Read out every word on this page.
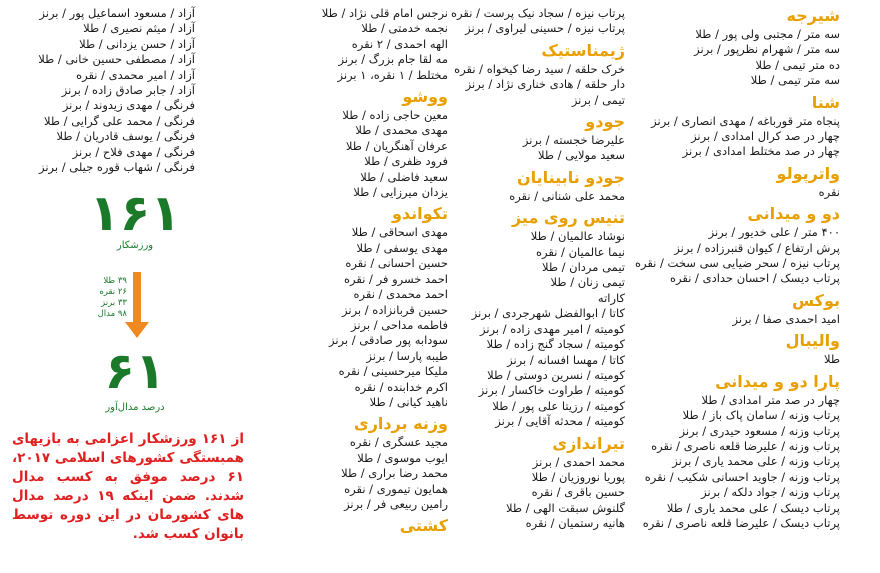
شیرجه
سه متر / مجتبی ولی پور / طلا
سه متر / شهرام نظرپور / برنز
ده متر تیمی / طلا
سه متر تیمی / طلا
شنا
پنجاه متر قورباغه / مهدی انصاری / برنز
چهار در صد کرال امدادی / برنز
چهار در صد مختلط امدادی / برنز
واترپولو
نقره
دو و میدانی
۴۰۰ متر / علی خدیور / برنز
پرش ارتفاع / کیوان قنبرزاده / برنز
پرتاب نیزه / سحر ضیایی سی سخت / نقره
پرتاب دیسک / احسان حدادی / نقره
بوکس
امید احمدی صفا / برنز
والیبال
طلا
پارا دو و میدانی
چهار در صد متر امدادی / طلا
پرتاب وزنه / سامان پاک باز / طلا
پرتاب وزنه / مسعود حیدری / برنز
پرتاب وزنه / علیرضا قلعه ناصری / نقره
پرتاب وزنه / علی محمد یاری / برنز
پرتاب وزنه / جاوید احسانی شکیب / نقره
پرتاب وزنه / جواد دلکه / برنز
پرتاب دیسک / علی محمد یاری / طلا
پرتاب دیسک / علیرضا قلعه ناصری / نقره
پرتاب نیزه / سجاد نیک پرست / نقره
پرتاب نیزه / حسینی لیراوی / برنز
ژیمناستیک
خرک حلقه / سید رضا کیخواه / نقره
دار حلقه / هادی خناری نژاد / برنز
تیمی / برنز
جودو
علیرضا خجسته / برنز
سعید مولایی / طلا
جودو نابینایان
محمد علی شنانی / نقره
تنیس روی میز
نوشاد عالمیان / طلا
نیما عالمیان / نقره
تیمی مردان / طلا
تیمی زنان / طلا
کاراته
کاتا / ابوالفضل شهرجردی / برنز
کومیته / امیر مهدی زاده / برنز
کومیته / سجاد گنج زاده / طلا
کاتا / مهسا افسانه / برنز
کومیته / نسرین دوستی / طلا
کومیته / طراوت خاکسار / برنز
کومیته / رزیتا علی پور / طلا
کومیته / محدثه آقایی / برنز
تیراندازی
محمد احمدی / برنز
پوریا نوروزیان / طلا
حسین باقری / نقره
گلنوش سبقت الهی / طلا
هانیه رستمیان / نقره
نرجس امام قلی نژاد / طلا
نجمه خدمتی / طلا
الهه احمدی / ۲ نقره
مه لقا جام بزرگ / برنز
مختلط / ۱ نقره، ۱ برنز
ووشو
معین حاجی زاده / طلا
مهدی محمدی / طلا
عرفان آهنگریان / طلا
فرود ظفری / طلا
سعید فاضلی / طلا
یزدان میرزایی / طلا
تکواندو
مهدی اسحاقی / طلا
مهدی یوسفی / طلا
حسین احسانی / نقره
احمد خسرو فر / نقره
احمد محمدی / نقره
حسین قربانزاده / برنز
فاطمه مداحی / برنز
سودابه پور صادقی / برنز
طیبه پارسا / برنز
ملیکا میرحسینی / نقره
اکرم خدابنده / نقره
ناهید کیانی / طلا
وزنه برداری
مجید عسگری / نقره
ایوب موسوی / طلا
محمد رضا براری / طلا
همایون تیموری / نقره
رامین ربیعی فر / برنز
کشتی
آزاد / مسعود اسماعیل پور / برنز
آزاد / میثم نصیری / طلا
آزاد / حسن یزدانی / طلا
آزاد / مصطفی حسین خانی / طلا
آزاد / امیر محمدی / نقره
آزاد / جابر صادق زاده / برنز
فرنگی / مهدی زیدوند / برنز
فرنگی / محمد علی گرایی / طلا
فرنگی / یوسف قادریان / طلا
فرنگی / مهدی فلاح / برنز
فرنگی / شهاب قوره جیلی / برنز
۱۶۱
ورزشکار
۳۹ طلا
۲۶ نقره
۳۳ برنز
۹۸ مدال
۶۱
درصد مدال‌آور
از ۱۶۱ ورزشکار اعزامی به بازیهای همبستگی کشورهای اسلامی ۲۰۱۷، ۶۱ درصد موفق به کسب مدال شدند. ضمن اینکه ۱۹ درصد مدال های کشورمان در این دوره توسط بانوان کسب شد.
